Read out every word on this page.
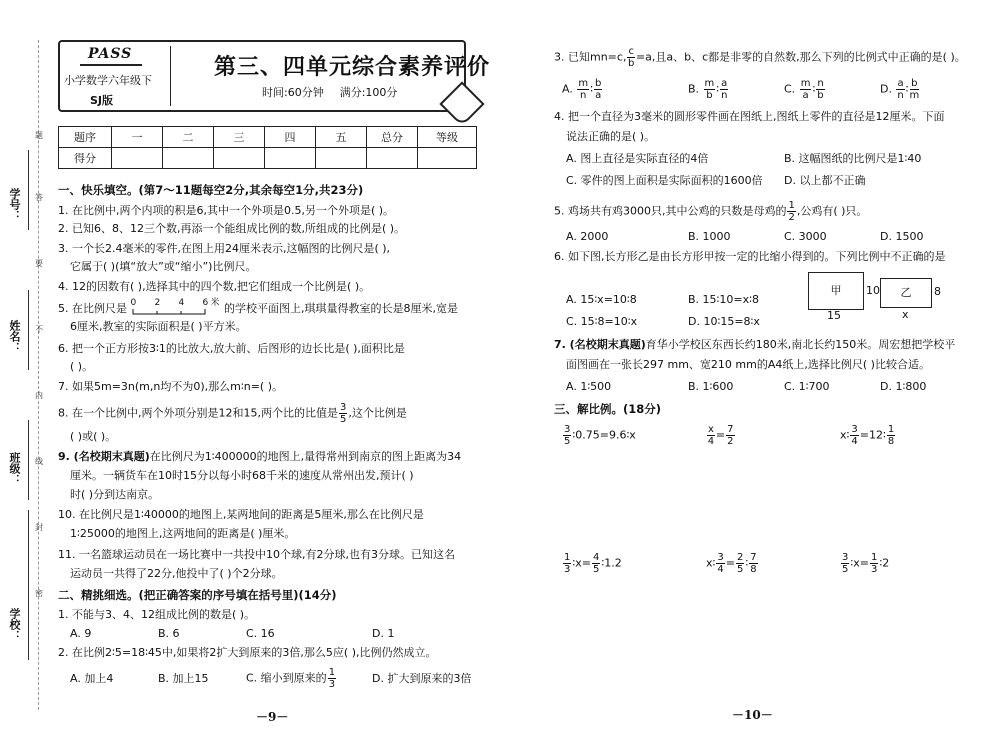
学号：
姓名：
班级：
学校：
题
答
要
不
内
线
封
密
PASS
小学数学六年级下
SJ版
第三、四单元综合素养评价
时间:60分钟 满分:100分
题序	一	二	三	四	五	总分	等级
得分							
一、快乐填空。(第7～11题每空2分,其余每空1分,共23分)
1. 在比例中,两个内项的积是6,其中一个外项是0.5,另一个外项是( )。
2. 已知6、8、12三个数,再添一个能组成比例的数,所组成的比例是( )。
3. 一个长2.4毫米的零件,在图上用24厘米表示,这幅图的比例尺是( ),
它属于( )(填“放大”或“缩小”)比例尺。
4. 12的因数有( ),选择其中的四个数,把它们组成一个比例是( )。
5. 在比例尺是 0 2 4 6 米 的学校平面图上,琪琪量得教室的长是8厘米,宽是
6厘米,教室的实际面积是( )平方米。
6. 把一个正方形按3∶1的比放大,放大前、后图形的边长比是( ),面积比是
( )。
7. 如果5m=3n(m,n均不为0),那么m∶n=( )。
8. 在一个比例中,两个外项分别是12和15,两个比的比值是 $\frac{3}{5}$ ,这个比例是
( )或( )。
9. (名校期末真题)在比例尺为1∶400000的地图上,量得常州到南京的图上距离为34
厘米。一辆货车在10时15分以每小时68千米的速度从常州出发,预计( )
时( )分到达南京。
10. 在比例尺是1∶40000的地图上,某两地间的距离是5厘米,那么在比例尺是
1∶25000的地图上,这两地间的距离是( )厘米。
11. 一名篮球运动员在一场比赛中一共投中10个球,有2分球,也有3分球。已知这名
运动员一共得了22分,他投中了( )个2分球。
二、精挑细选。(把正确答案的序号填在括号里)(14分)
1. 不能与3、4、12组成比例的数是( )。
A. 9	B. 6	C. 16	D. 1
2. 在比例2∶5=18∶45中,如果将2扩大到原来的3倍,那么5应( ),比例仍然成立。
A. 加上4	B. 加上15	C. 缩小到原来的 $\frac{1}{3}$	D. 扩大到原来的3倍
－9－
3. 已知mn=c, $\frac{c}{b} =a$,且a、b、c都是非零的自然数,那么下列的比例式中正确的是( )。
A. $\frac{m}{n}$ ∶ $\frac{b}{a}$	B. $\frac{m}{b}$ ∶ $\frac{a}{n}$	C. $\frac{m}{a}$ ∶ $\frac{n}{b}$	D. $\frac{a}{n}$ ∶ $\frac{b}{m}$
4. 把一个直径为3毫米的圆形零件画在图纸上,图纸上零件的直径是12厘米。下面
说法正确的是( )。
A. 图上直径是实际直径的4倍	B. 这幅图纸的比例尺是1∶40
C. 零件的图上面积是实际面积的1600倍 D. 以上都不正确
5. 鸡场共有鸡3000只,其中公鸡的只数是母鸡的 $\frac{1}{2}$ ,公鸡有( )只。
A. 2000	B. 1000	C. 3000	D. 1500
6. 如下图,长方形乙是由长方形甲按一定的比缩小得到的。下列比例中不正确的是
A. 15∶x=10∶8	B. 15∶10=x∶8
C. 15∶8=10∶x	D. 10∶15=8∶x
甲	10
15
乙	8
x
7. (名校期末真题)育华小学校区东西长约180米,南北长约150米。周宏想把学校平
面图画在一张长297 mm、宽210 mm的A4纸上,选择比例尺( )比较合适。
A. 1∶500	B. 1∶600	C. 1∶700	D. 1∶800
三、解比例。(18分)
$\frac{3}{5}$ ∶0.75=9.6∶x	$\frac{x}{4} = \frac{7}{2}$	x∶ $\frac{3}{4}$ =12∶ $\frac{1}{8}$
$\frac{1}{3}$ ∶x= $\frac{4}{5}$ ∶1.2	x∶ $\frac{3}{4} = \frac{2}{5}$ ∶ $\frac{7}{8}$	$\frac{3}{5}$ ∶x= $\frac{1}{3}$ ∶2
－10－
